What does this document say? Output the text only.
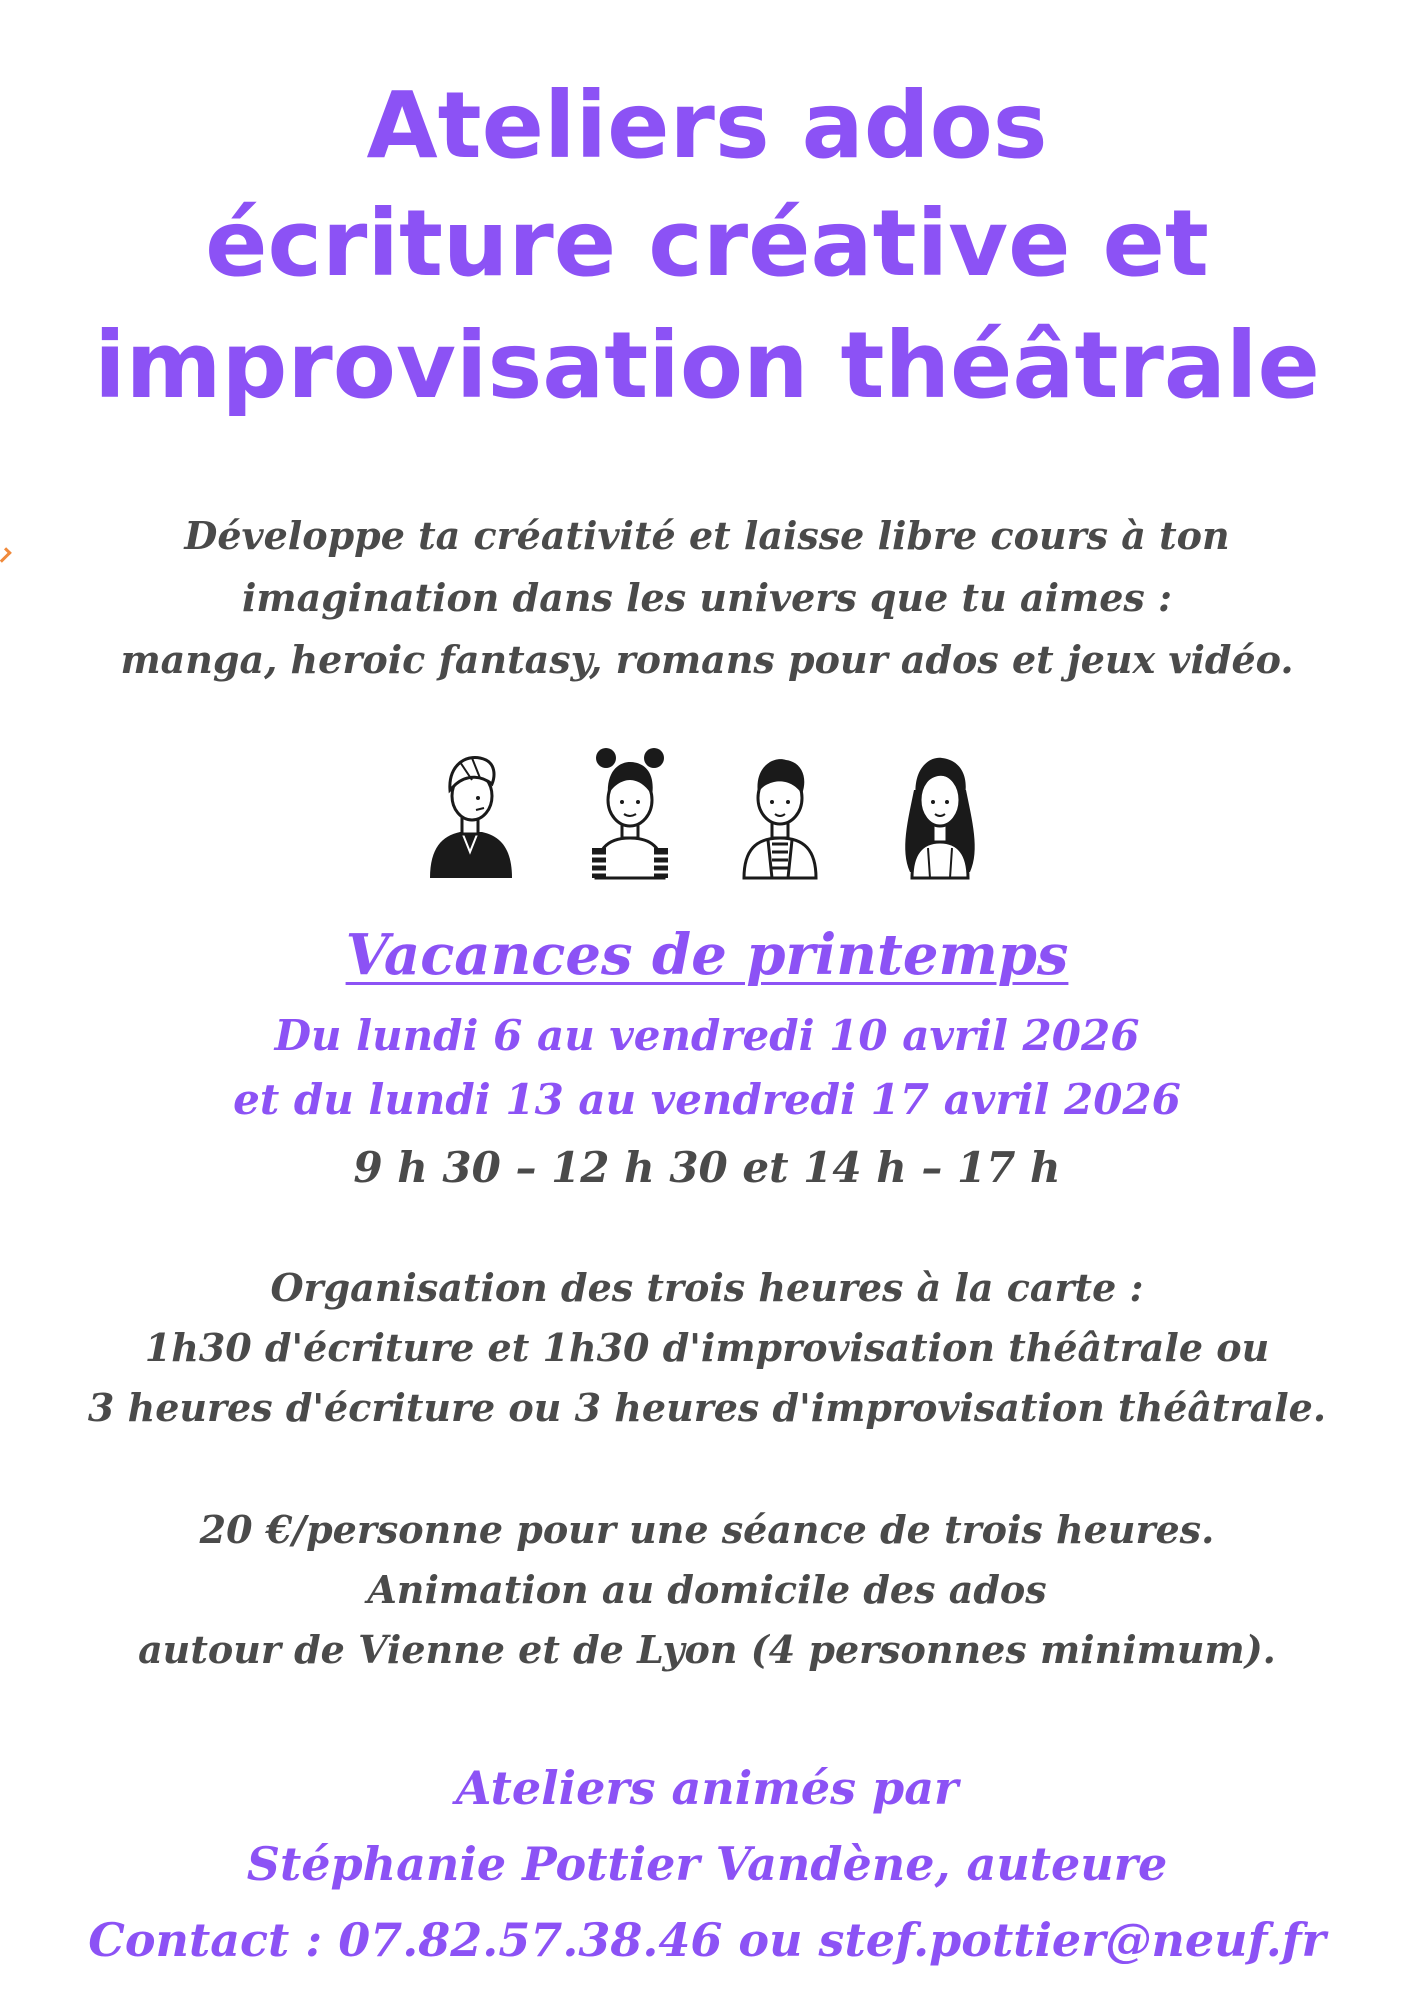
Ateliers ados
écriture créative et
improvisation théâtrale
Développe ta créativité et laisse libre cours à ton
imagination dans les univers que tu aimes :
manga, heroic fantasy, romans pour ados et jeux vidéo.
Vacances de printemps
Du lundi 6 au vendredi 10 avril 2026
et du lundi 13 au vendredi 17 avril 2026
9 h 30 – 12 h 30 et 14 h – 17 h
Organisation des trois heures à la carte :
1h30 d'écriture et 1h30 d'improvisation théâtrale ou
3 heures d'écriture ou 3 heures d'improvisation théâtrale.
20 €/personne pour une séance de trois heures.
Animation au domicile des ados
autour de Vienne et de Lyon (4 personnes minimum).
Ateliers animés par
Stéphanie Pottier Vandène, auteure
Contact : 07.82.57.38.46 ou stef.pottier@neuf.fr
